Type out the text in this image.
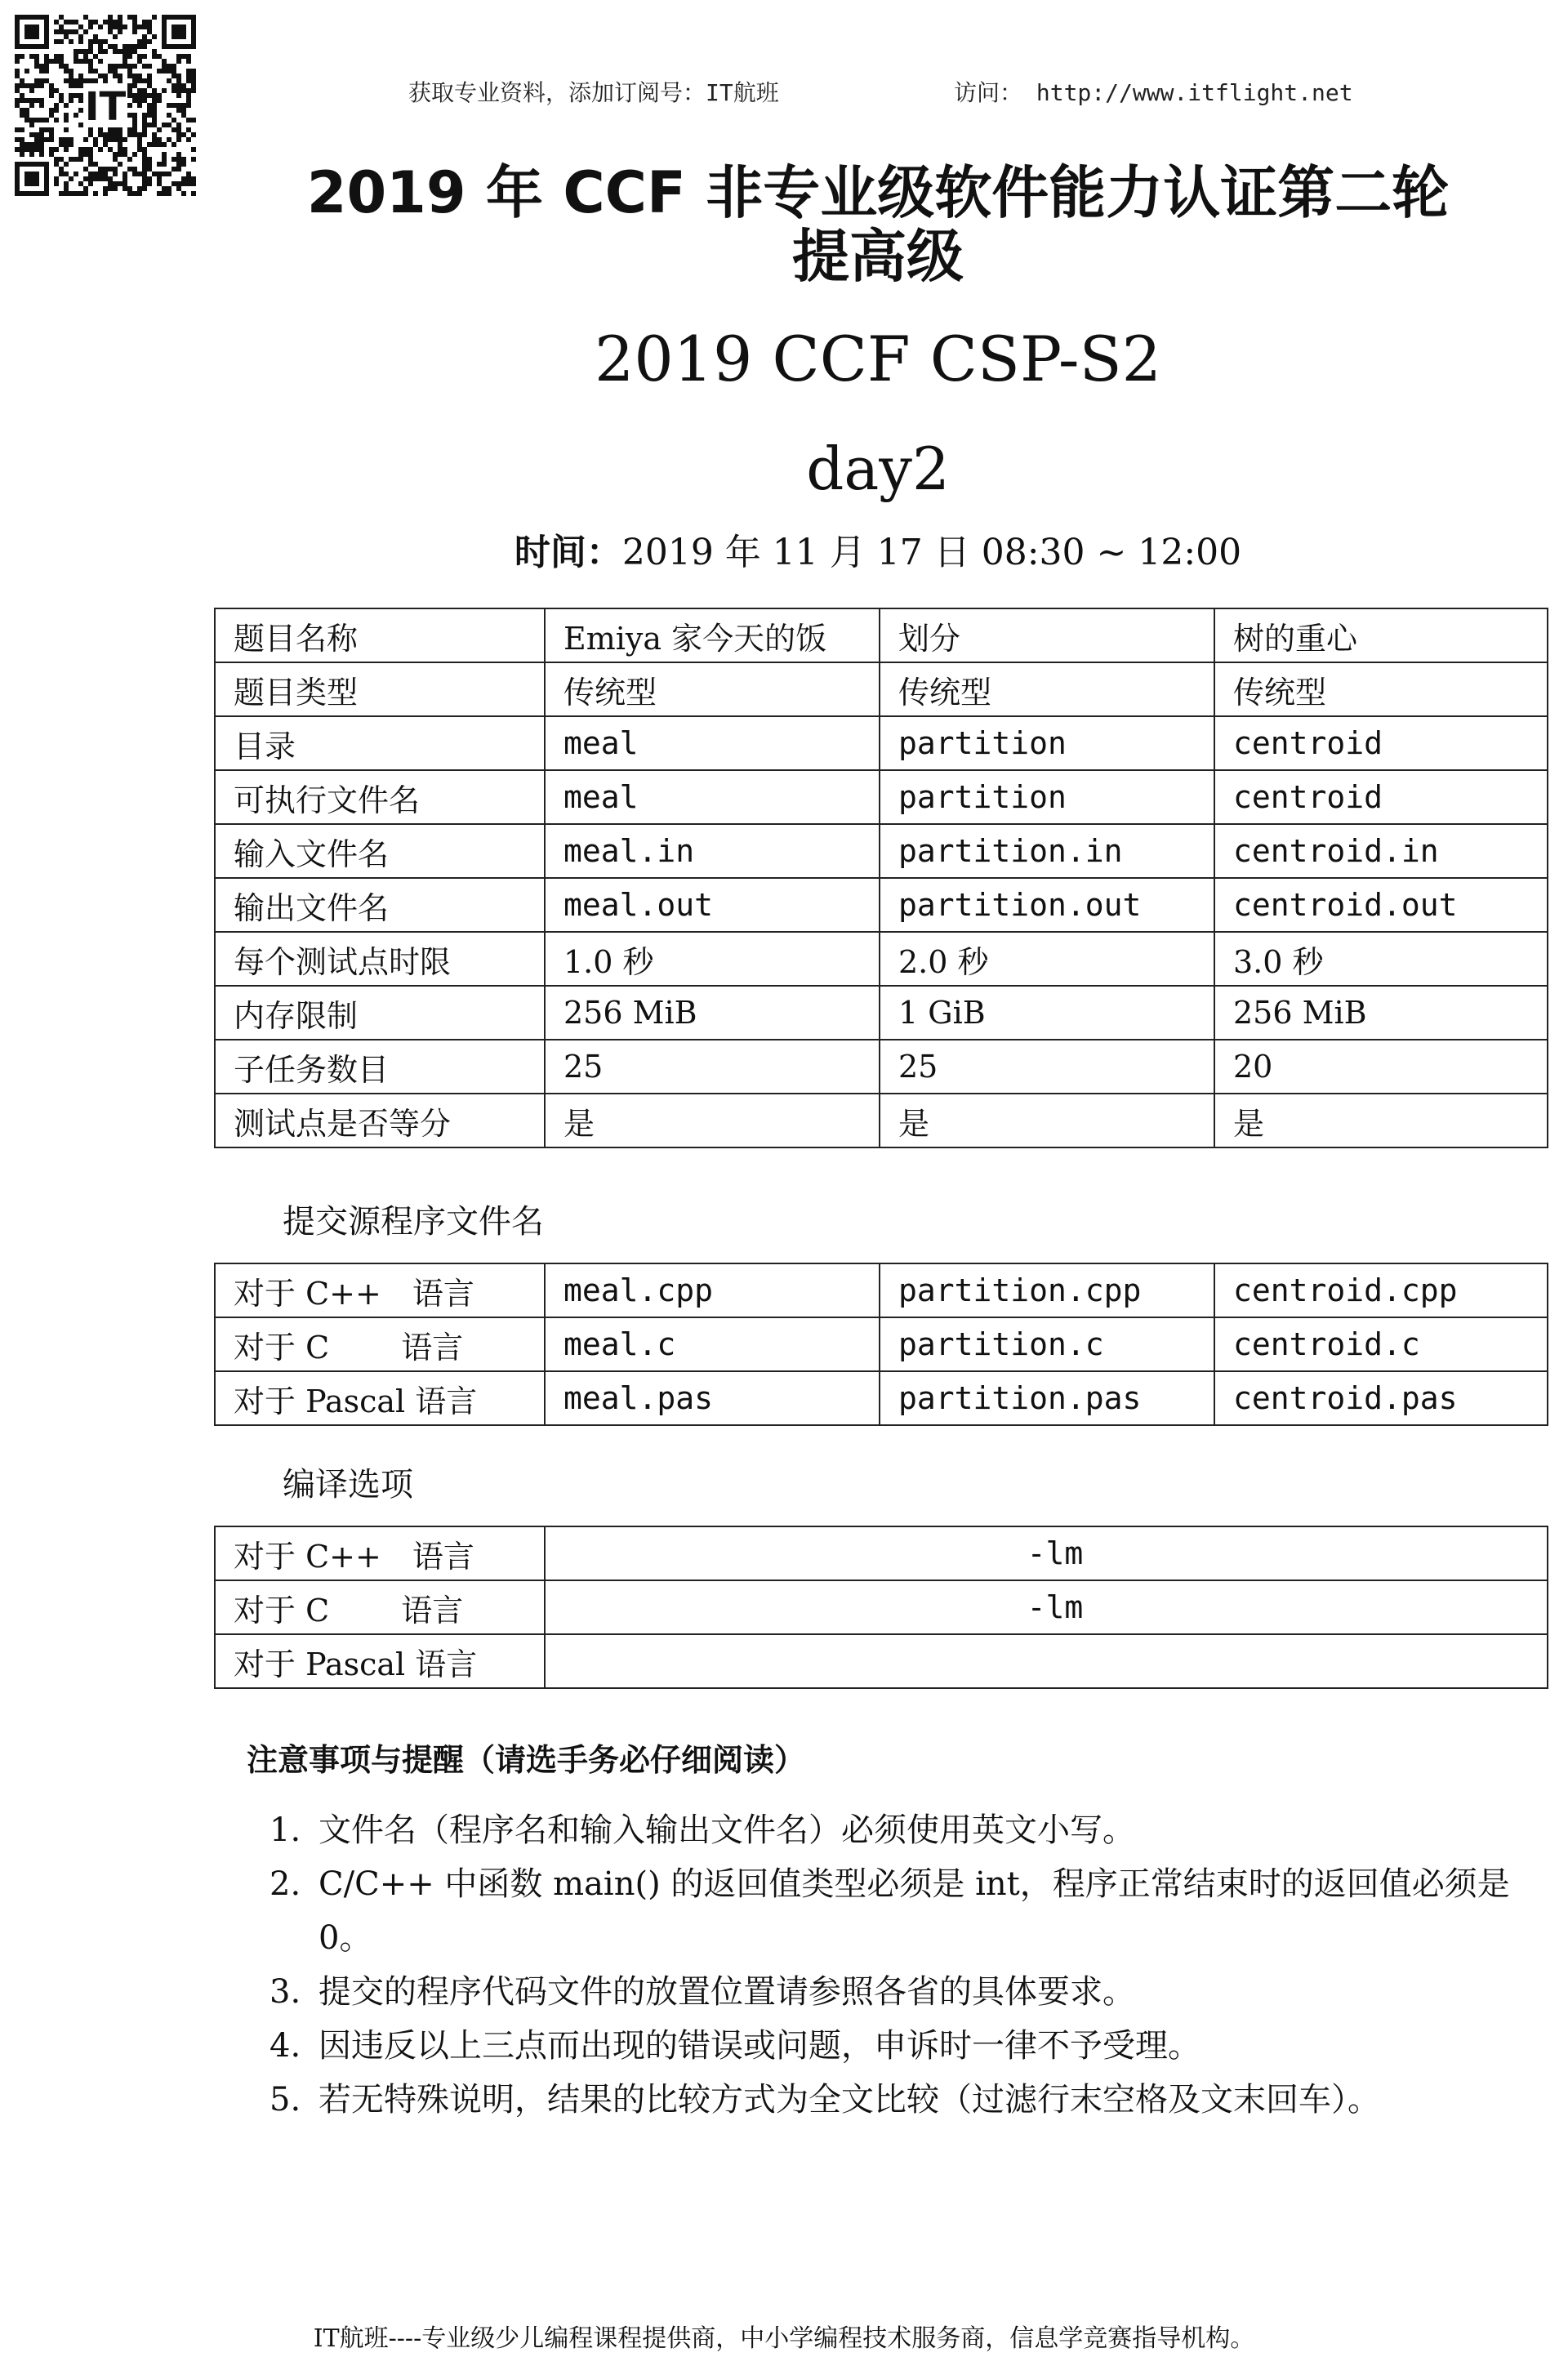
IT	获取专业资料，添加订阅号：IT航班	访问： http://www.itflight.net
2019 年 CCF 非专业级软件能力认证第二轮
提高级
2019 CCF CSP-S2
day2
时间：2019 年 11 月 17 日 08:30 ∼ 12:00
题目名称	Emiya 家今天的饭	划分	树的重心
题目类型	传统型	传统型	传统型
目录	meal	partition	centroid
可执行文件名	meal	partition	centroid
输入文件名	meal.in	partition.in	centroid.in
输出文件名	meal.out	partition.out	centroid.out
每个测试点时限	1.0 秒	2.0 秒	3.0 秒
内存限制	256 MiB	1 GiB	256 MiB
子任务数目	25	25	20
测试点是否等分	是	是	是
提交源程序文件名
对于 C++　语言	meal.cpp	partition.cpp	centroid.cpp
对于 C　　 语言	meal.c	partition.c	centroid.c
对于 Pascal 语言	meal.pas	partition.pas	centroid.pas
编译选项
对于 C++　语言	-lm
对于 C　　 语言	-lm
对于 Pascal 语言	
注意事项与提醒（请选手务必仔细阅读）
1. 文件名（程序名和输入输出文件名）必须使用英文小写。
2. C/C++ 中函数 main() 的返回值类型必须是 int，程序正常结束时的返回值必须是 0。
3. 提交的程序代码文件的放置位置请参照各省的具体要求。
4. 因违反以上三点而出现的错误或问题，申诉时一律不予受理。
5. 若无特殊说明，结果的比较方式为全文比较（过滤行末空格及文末回车）。
IT航班----专业级少儿编程课程提供商，中小学编程技术服务商，信息学竞赛指导机构。
